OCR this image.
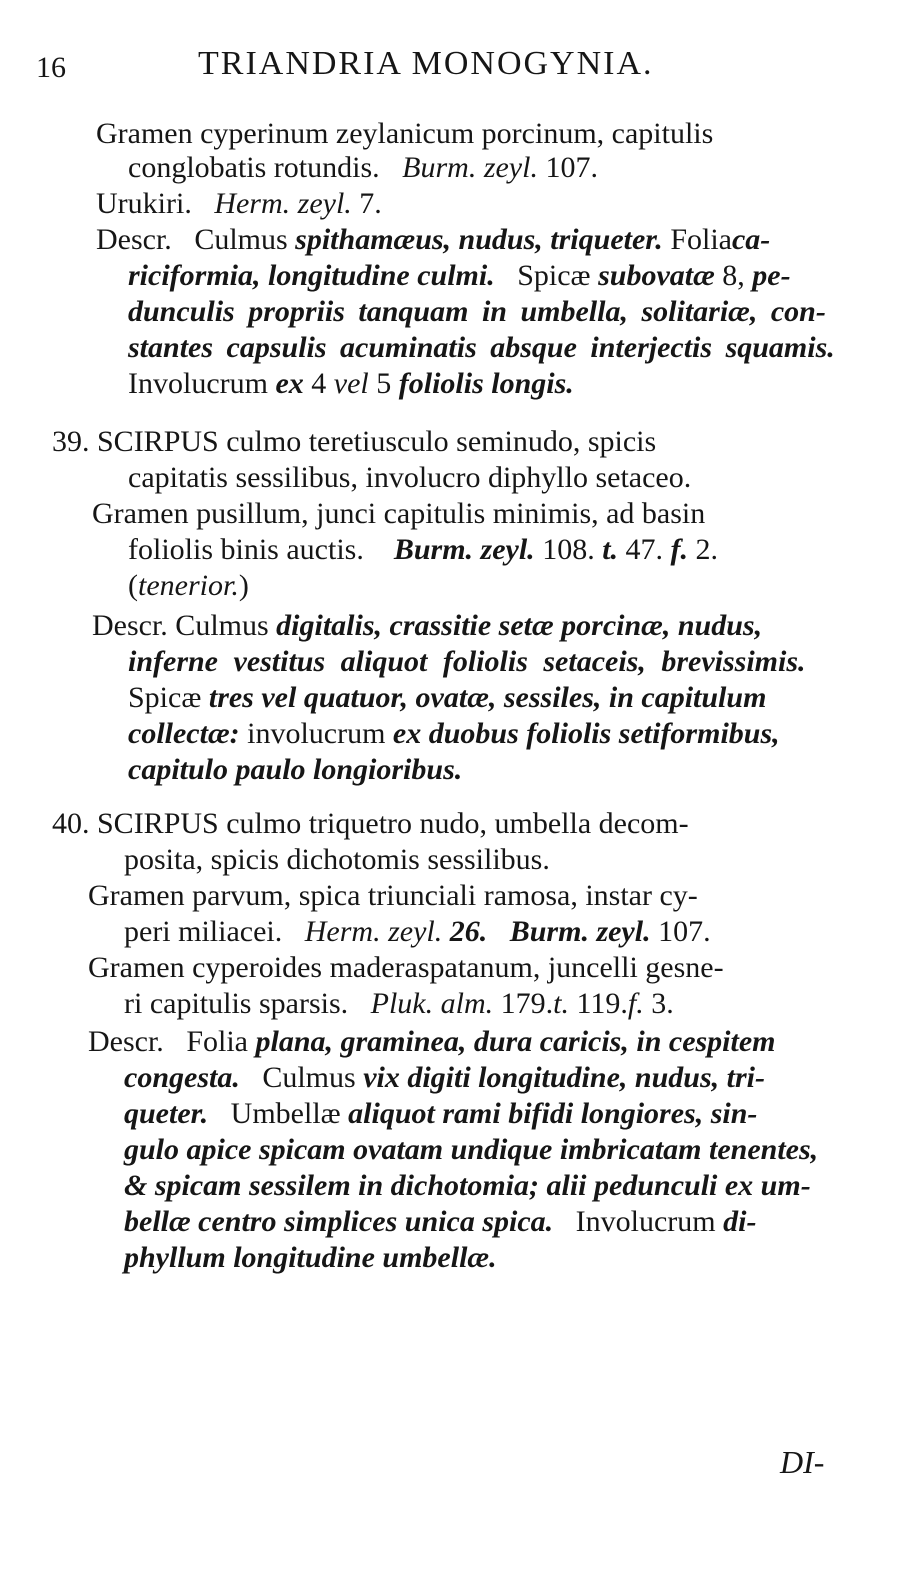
16	TRIANDRIA MONOGYNIA.
Gramen cyperinum zeylanicum porcinum, capitulis
conglobatis rotundis. Burm. zeyl. 107.
Urukiri. Herm. zeyl. 7.
Descr. Culmus spithamæus, nudus, triqueter. Foliaca-
riciformia, longitudine culmi. Spicæ subovatæ 8, pe-
dunculis propriis tanquam in umbella, solitariæ, con-
stantes capsulis acuminatis absque interjectis squamis.
Involucrum ex 4 vel 5 foliolis longis.
39. SCIRPUS culmo teretiusculo seminudo, spicis
capitatis sessilibus, involucro diphyllo setaceo.
Gramen pusillum, junci capitulis minimis, ad basin
foliolis binis auctis. Burm. zeyl. 108. t. 47. f. 2.
(tenerior.)
Descr. Culmus digitalis, crassitie setæ porcinæ, nudus,
inferne vestitus aliquot foliolis setaceis, brevissimis.
Spicæ tres vel quatuor, ovatæ, sessiles, in capitulum
collectæ: involucrum ex duobus foliolis setiformibus,
capitulo paulo longioribus.
40. SCIRPUS culmo triquetro nudo, umbella decom-
posita, spicis dichotomis sessilibus.
Gramen parvum, spica triunciali ramosa, instar cy-
peri miliacei. Herm. zeyl. 26. Burm. zeyl. 107.
Gramen cyperoides maderaspatanum, juncelli gesne-
ri capitulis sparsis. Pluk. alm. 179.t. 119.f. 3.
Descr. Folia plana, graminea, dura caricis, in cespitem
congesta. Culmus vix digiti longitudine, nudus, tri-
queter. Umbellæ aliquot rami bifidi longiores, sin-
gulo apice spicam ovatam undique imbricatam tenentes,
& spicam sessilem in dichotomia; alii pedunculi ex um-
bellæ centro simplices unica spica. Involucrum di-
phyllum longitudine umbellæ.
DI-
